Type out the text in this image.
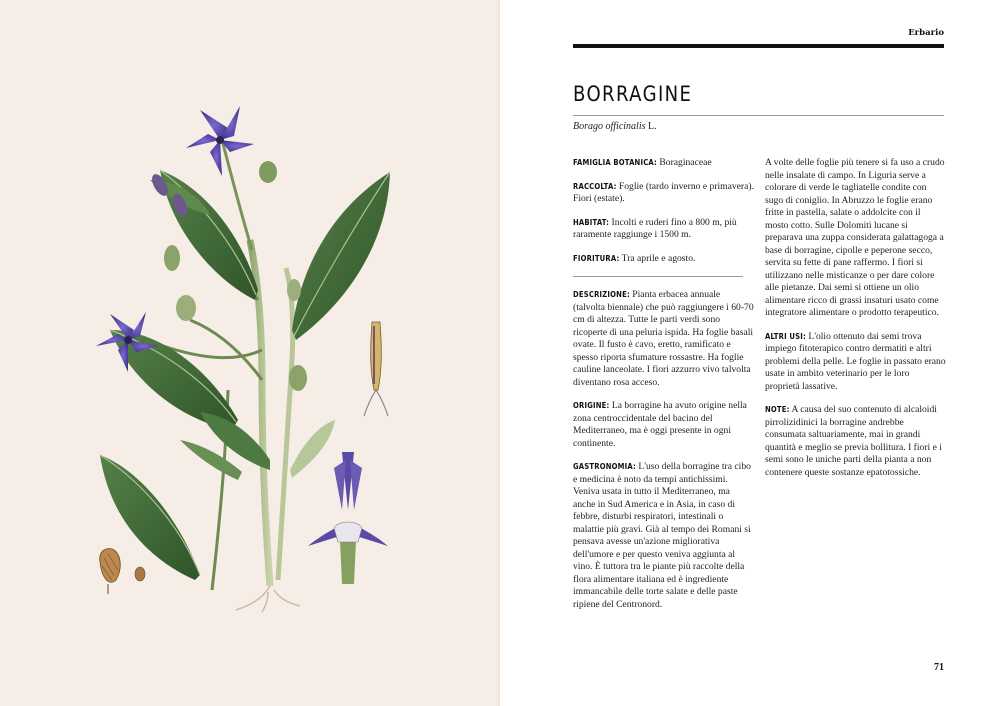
Erbario
BORRAGINE
Borago officinalis L.

FAMIGLIA BOTANICA: Boraginaceae

RACCOLTA: Foglie (tardo inverno e primavera). Fiori (estate).

HABITAT: Incolti e ruderi fino a 800 m, più raramente raggiunge i 1500 m.

FIORITURA: Tra aprile e agosto.

DESCRIZIONE: Pianta erbacea annuale (talvolta biennale) che può raggiungere i 60-70 cm di altezza. Tutte le parti verdi sono ricoperte di una peluria ispida. Ha foglie basali ovate. Il fusto è cavo, eretto, ramificato e spesso riporta sfumature rossastre. Ha foglie cauline lanceolate. I fiori azzurro vivo talvolta diventano rosa acceso.

ORIGINE: La borragine ha avuto origine nella zona centroccidentale del bacino del Mediterraneo, ma è oggi presente in ogni continente.

GASTRONOMIA: L'uso della borragine tra cibo e medicina è noto da tempi antichissimi. Veniva usata in tutto il Mediterraneo, ma anche in Sud America e in Asia, in caso di febbre, disturbi respiratori, intestinali o malattie più gravi. Già al tempo dei Romani si pensava avesse un'azione migliorativa dell'umore e per questo veniva aggiunta al vino. È tuttora tra le piante più raccolte della flora alimentare italiana ed è ingrediente immancabile delle torte salate e delle paste ripiene del Centronord.

A volte delle foglie più tenere si fa uso a crudo nelle insalate di campo. In Liguria serve a colorare di verde le tagliatelle condite con sugo di coniglio. In Abruzzo le foglie erano fritte in pastella, salate o addolcite con il mosto cotto. Sulle Dolomiti lucane si preparava una zuppa considerata galattagoga a base di borragine, cipolle e peperone secco, servita su fette di pane raffermo. I fiori si utilizzano nelle misticanze o per dare colore alle pietanze. Dai semi si ottiene un olio alimentare ricco di grassi insaturi usato come integratore alimentare o prodotto terapeutico.

ALTRI USI: L'olio ottenuto dai semi trova impiego fitoterapico contro dermatiti e altri problemi della pelle. Le foglie in passato erano usate in ambito veterinario per le loro proprietà lassative.

NOTE: A causa del suo contenuto di alcaloidi pirrolizidinici la borragine andrebbe consumata saltuariamente, mai in grandi quantità e meglio se previa bollitura. I fiori e i semi sono le uniche parti della pianta a non contenere queste sostanze epatotossiche.

71
